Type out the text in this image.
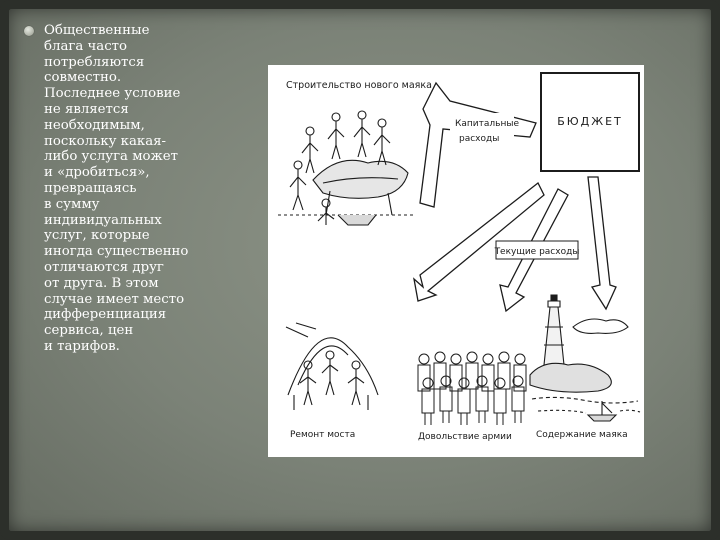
Общественные
блага часто
потребляются
совместно.
Последнее условие
не является
необходимым,
поскольку какая-
либо услуга может
и «дробиться»,
превращаясь
в сумму
индивидуальных
услуг, которые
иногда существенно
отличаются друг
от друга. В этом
случае имеет место
дифференциация
сервиса, цен
и тарифов.
Строительство нового маяка
БЮДЖЕТ
Капитальные
расходы
Текущие расходы
Ремонт моста	Довольствие армии	Содержание маяка
